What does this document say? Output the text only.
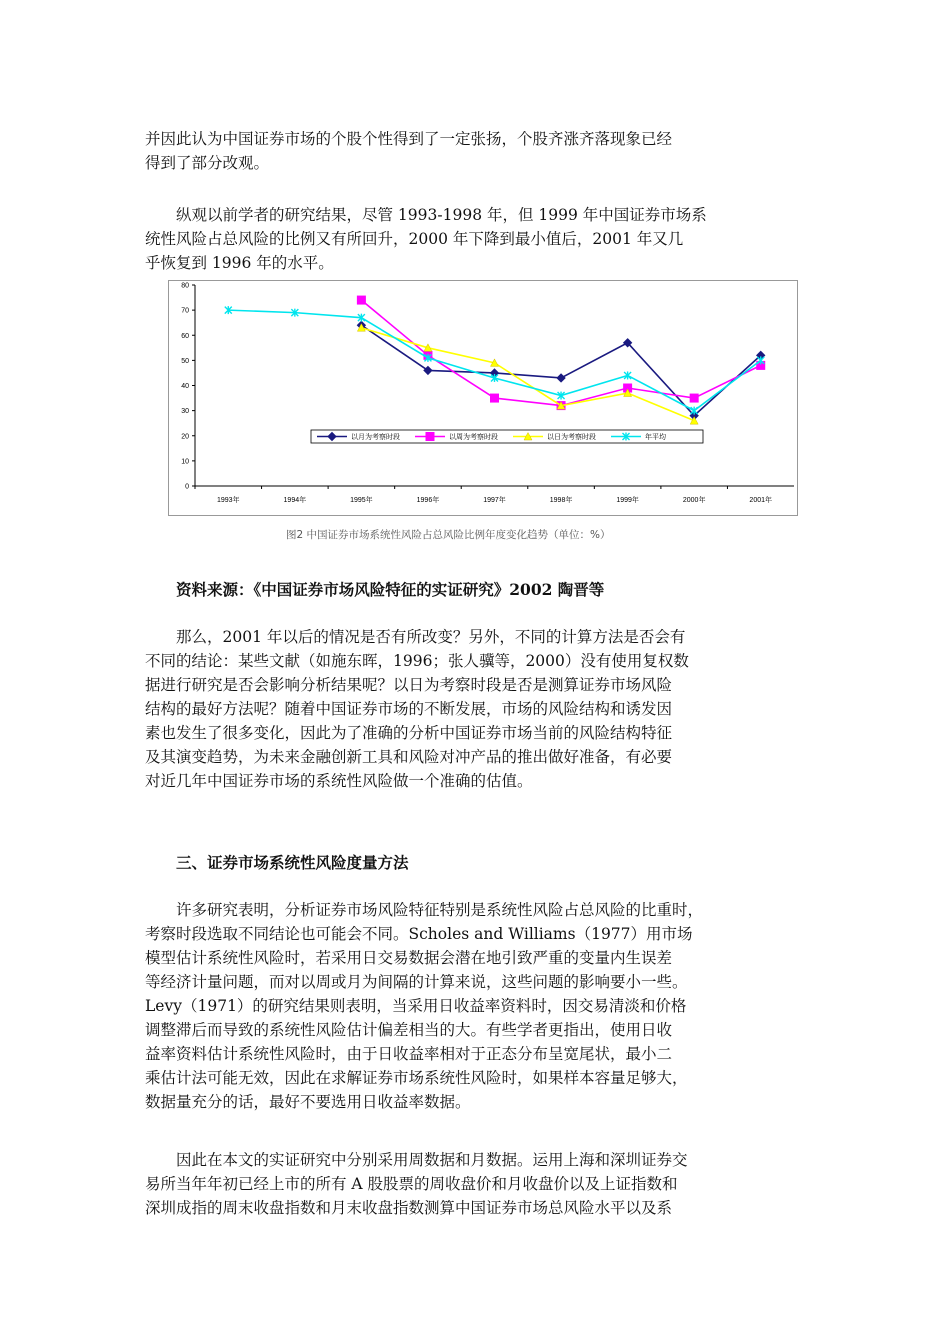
并因此认为中国证券市场的个股个性得到了一定张扬，个股齐涨齐落现象已经
得到了部分改观。
纵观以前学者的研究结果，尽管 1993-1998 年，但 1999 年中国证券市场系
统性风险占总风险的比例又有所回升，2000 年下降到最小值后，2001 年又几
乎恢复到 1996 年的水平。
0
10
20
30
40
50
60
70
80
1993年	1994年	1995年	1996年	1997年	1998年	1999年	2000年	2001年
以月为考察时段	以周为考察时段	以日为考察时段	年平均
图2 中国证券市场系统性风险占总风险比例年度变化趋势（单位：%）
资料来源：《中国证券市场风险特征的实证研究》2002 陶晋等
那么，2001 年以后的情况是否有所改变？另外，不同的计算方法是否会有
不同的结论：某些文献（如施东晖，1996；张人骥等，2000）没有使用复权数
据进行研究是否会影响分析结果呢？以日为考察时段是否是测算证券市场风险
结构的最好方法呢？随着中国证券市场的不断发展，市场的风险结构和诱发因
素也发生了很多变化，因此为了准确的分析中国证券市场当前的风险结构特征
及其演变趋势，为未来金融创新工具和风险对冲产品的推出做好准备，有必要
对近几年中国证券市场的系统性风险做一个准确的估值。
三、证券市场系统性风险度量方法
许多研究表明，分析证券市场风险特征特别是系统性风险占总风险的比重时，
考察时段选取不同结论也可能会不同。Scholes and Williams（1977）用市场
模型估计系统性风险时，若采用日交易数据会潜在地引致严重的变量内生误差
等经济计量问题，而对以周或月为间隔的计算来说，这些问题的影响要小一些。
Levy（1971）的研究结果则表明，当采用日收益率资料时，因交易清淡和价格
调整滞后而导致的系统性风险估计偏差相当的大。有些学者更指出，使用日收
益率资料估计系统性风险时，由于日收益率相对于正态分布呈宽尾状，最小二
乘估计法可能无效，因此在求解证券市场系统性风险时，如果样本容量足够大，
数据量充分的话，最好不要选用日收益率数据。
因此在本文的实证研究中分别采用周数据和月数据。运用上海和深圳证券交
易所当年年初已经上市的所有 A 股股票的周收盘价和月收盘价以及上证指数和
深圳成指的周末收盘指数和月末收盘指数测算中国证券市场总风险水平以及系
